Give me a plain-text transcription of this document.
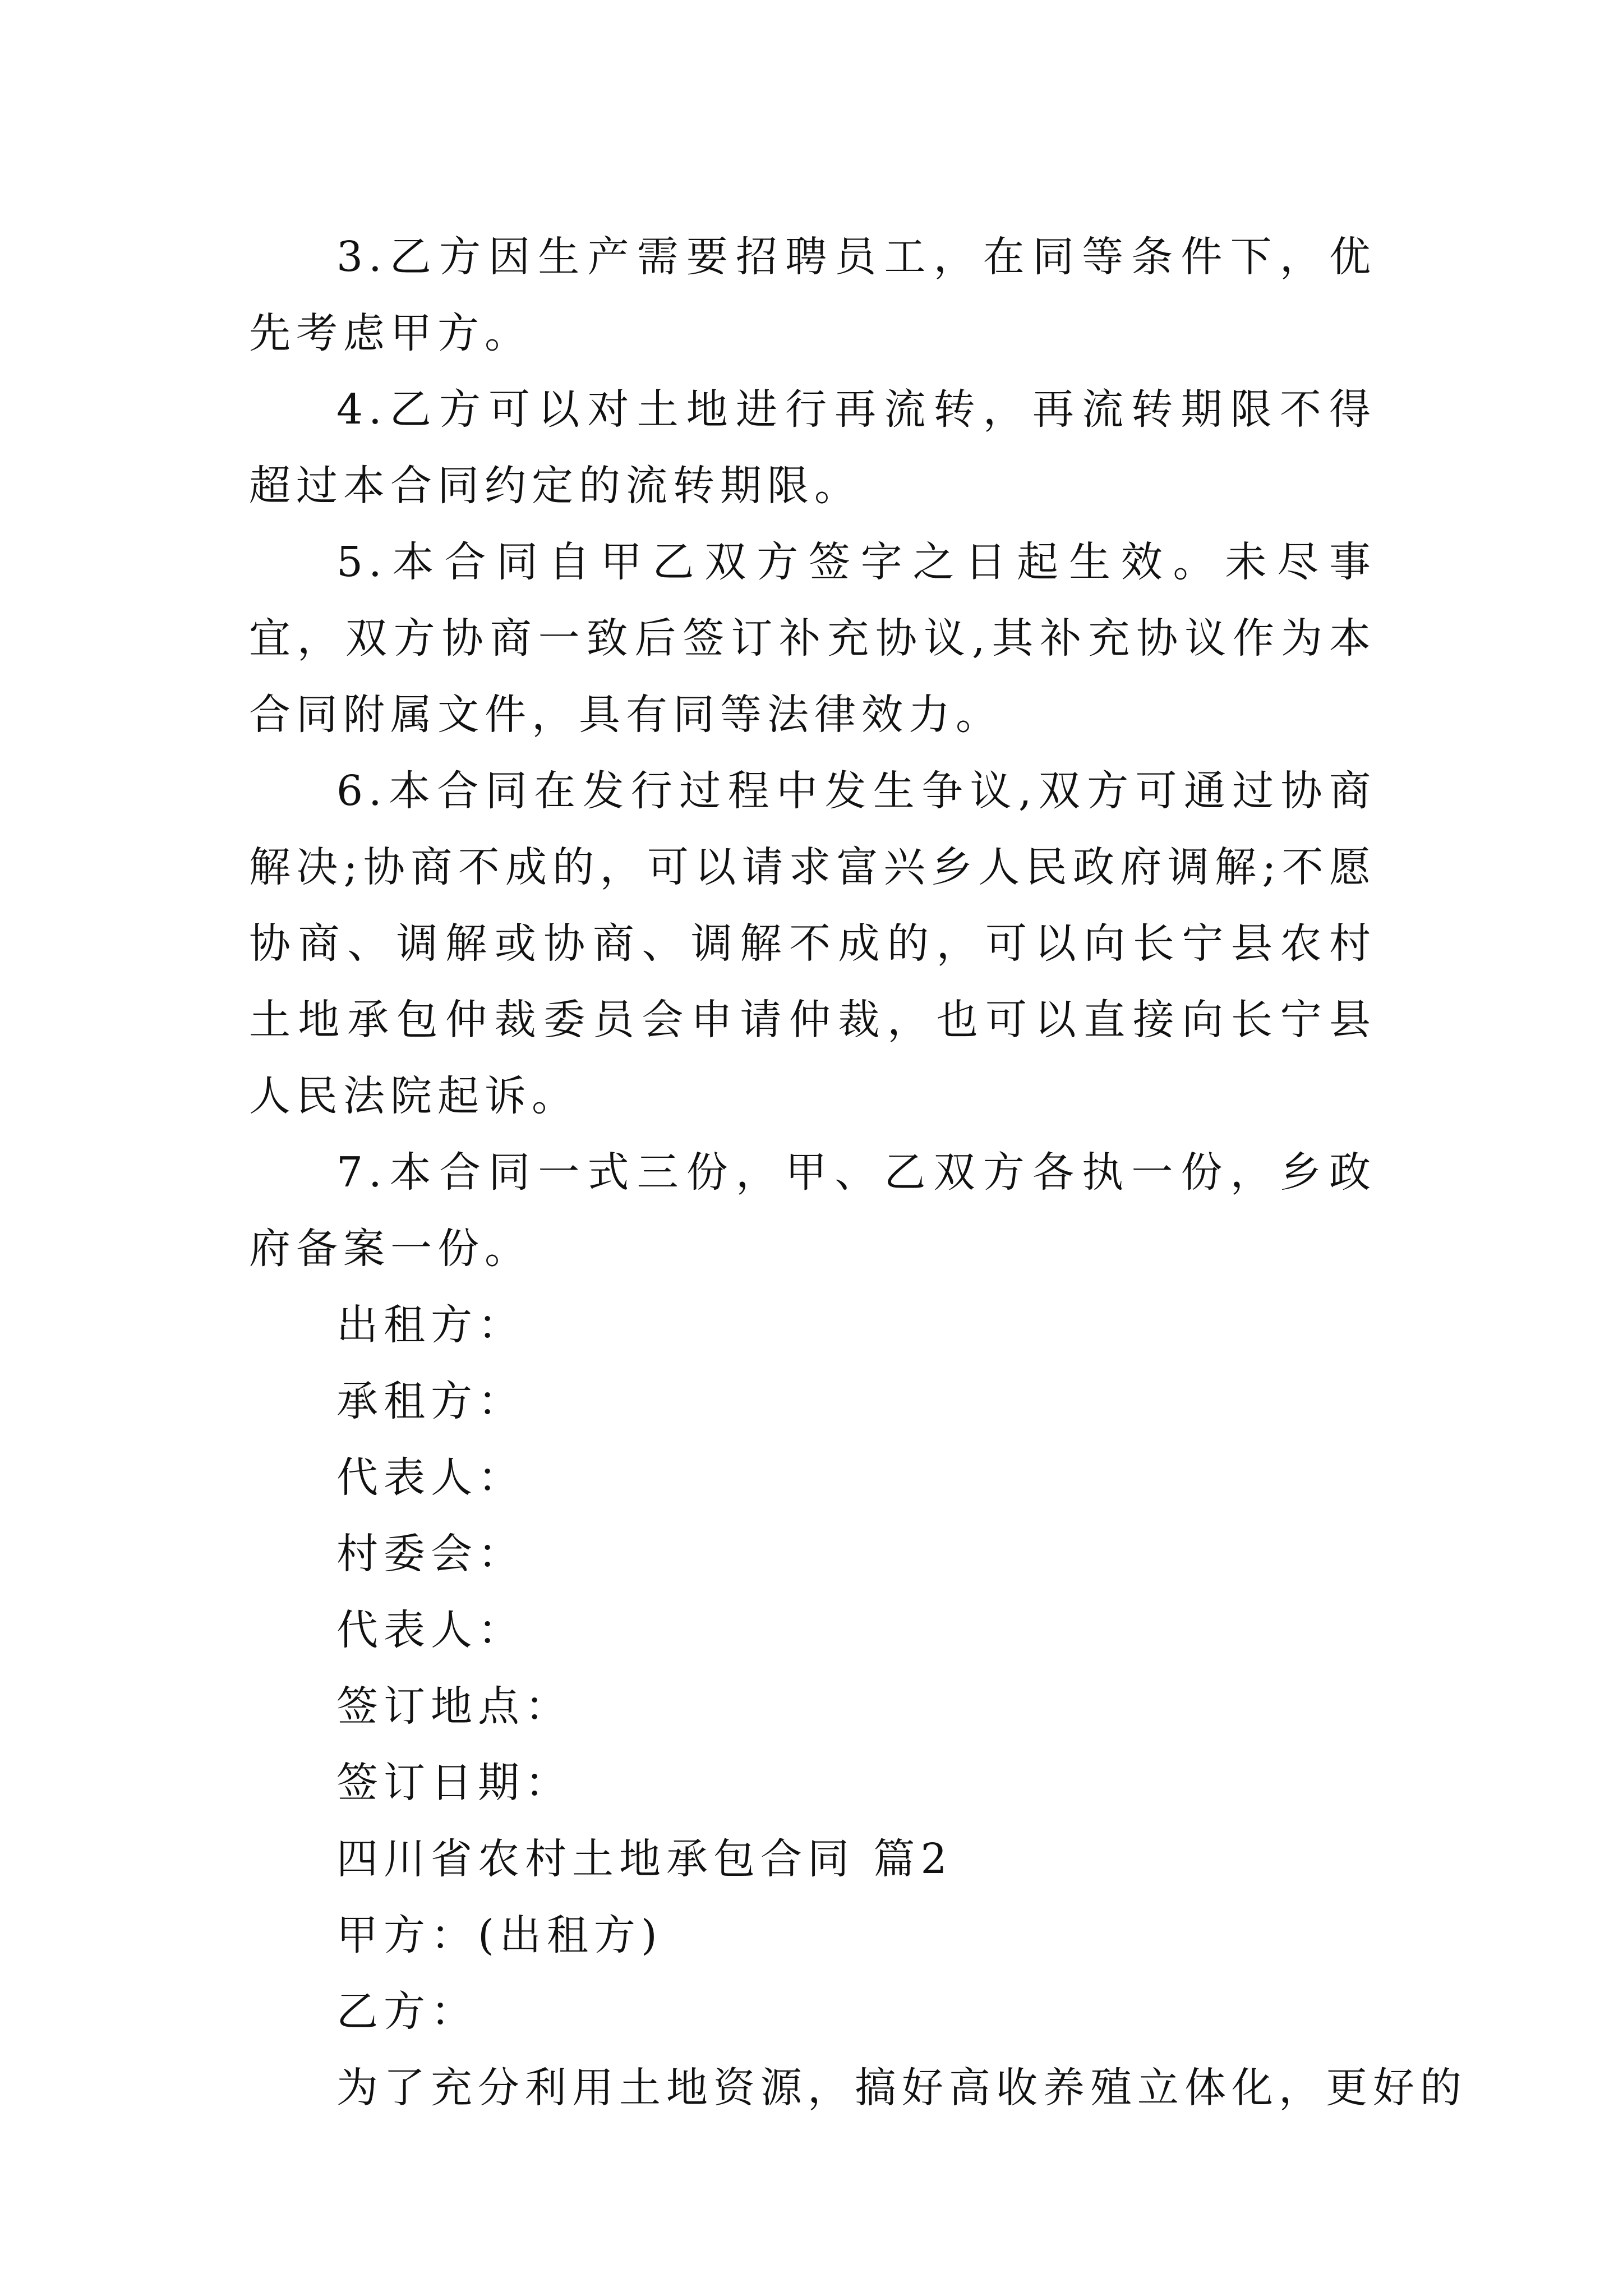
3.乙方因生产需要招聘员工，在同等条件下，优先考虑甲方。

4.乙方可以对土地进行再流转，再流转期限不得超过本合同约定的流转期限。

5.本合同自甲乙双方签字之日起生效。未尽事宜，双方协商一致后签订补充协议,其补充协议作为本合同附属文件，具有同等法律效力。

6.本合同在发行过程中发生争议,双方可通过协商解决;协商不成的，可以请求富兴乡人民政府调解;不愿协商、调解或协商、调解不成的，可以向长宁县农村土地承包仲裁委员会申请仲裁，也可以直接向长宁县人民法院起诉。

7.本合同一式三份，甲、乙双方各执一份，乡政府备案一份。

出租方：

承租方：

代表人：

村委会：

代表人：

签订地点：

签订日期：

四川省农村土地承包合同 篇2

甲方：(出租方)

乙方：

为了充分利用土地资源，搞好高收养殖立体化，更好的
